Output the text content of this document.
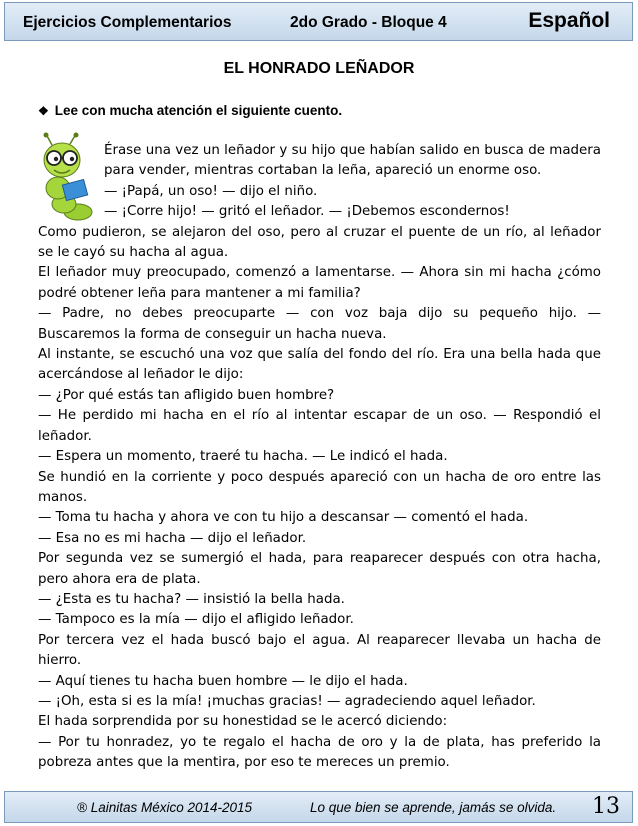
Ejercicios Complementarios	2do Grado - Bloque 4	Español
EL HONRADO LEÑADOR
❖ Lee con mucha atención el siguiente cuento.

Érase una vez un leñador y su hijo que habían salido en busca de madera para vender, mientras cortaban la leña, apareció un enorme oso.

— ¡Papá, un oso! — dijo el niño.

— ¡Corre hijo! — gritó el leñador. — ¡Debemos escondernos!

Como pudieron, se alejaron del oso, pero al cruzar el puente de un río, al leñador se le cayó su hacha al agua.

El leñador muy preocupado, comenzó a lamentarse. — Ahora sin mi hacha ¿cómo podré obtener leña para mantener a mi familia?

— Padre, no debes preocuparte — con voz baja dijo su pequeño hijo. — Buscaremos la forma de conseguir un hacha nueva.

Al instante, se escuchó una voz que salía del fondo del río. Era una bella hada que acercándose al leñador le dijo:

— ¿Por qué estás tan afligido buen hombre?

— He perdido mi hacha en el río al intentar escapar de un oso. — Respondió el leñador.

— Espera un momento, traeré tu hacha. — Le indicó el hada.

Se hundió en la corriente y poco después apareció con un hacha de oro entre las manos.

— Toma tu hacha y ahora ve con tu hijo a descansar — comentó el hada.

— Esa no es mi hacha — dijo el leñador.

Por segunda vez se sumergió el hada, para reaparecer después con otra hacha, pero ahora era de plata.

— ¿Esta es tu hacha? — insistió la bella hada.

— Tampoco es la mía — dijo el afligido leñador.

Por tercera vez el hada buscó bajo el agua. Al reaparecer llevaba un hacha de hierro.

— Aquí tienes tu hacha buen hombre — le dijo el hada.

— ¡Oh, esta si es la mía! ¡muchas gracias! — agradeciendo aquel leñador.

El hada sorprendida por su honestidad se le acercó diciendo:

— Por tu honradez, yo te regalo el hacha de oro y la de plata, has preferido la pobreza antes que la mentira, por eso te mereces un premio.

® Lainitas México 2014-2015	Lo que bien se aprende, jamás se olvida. 13
